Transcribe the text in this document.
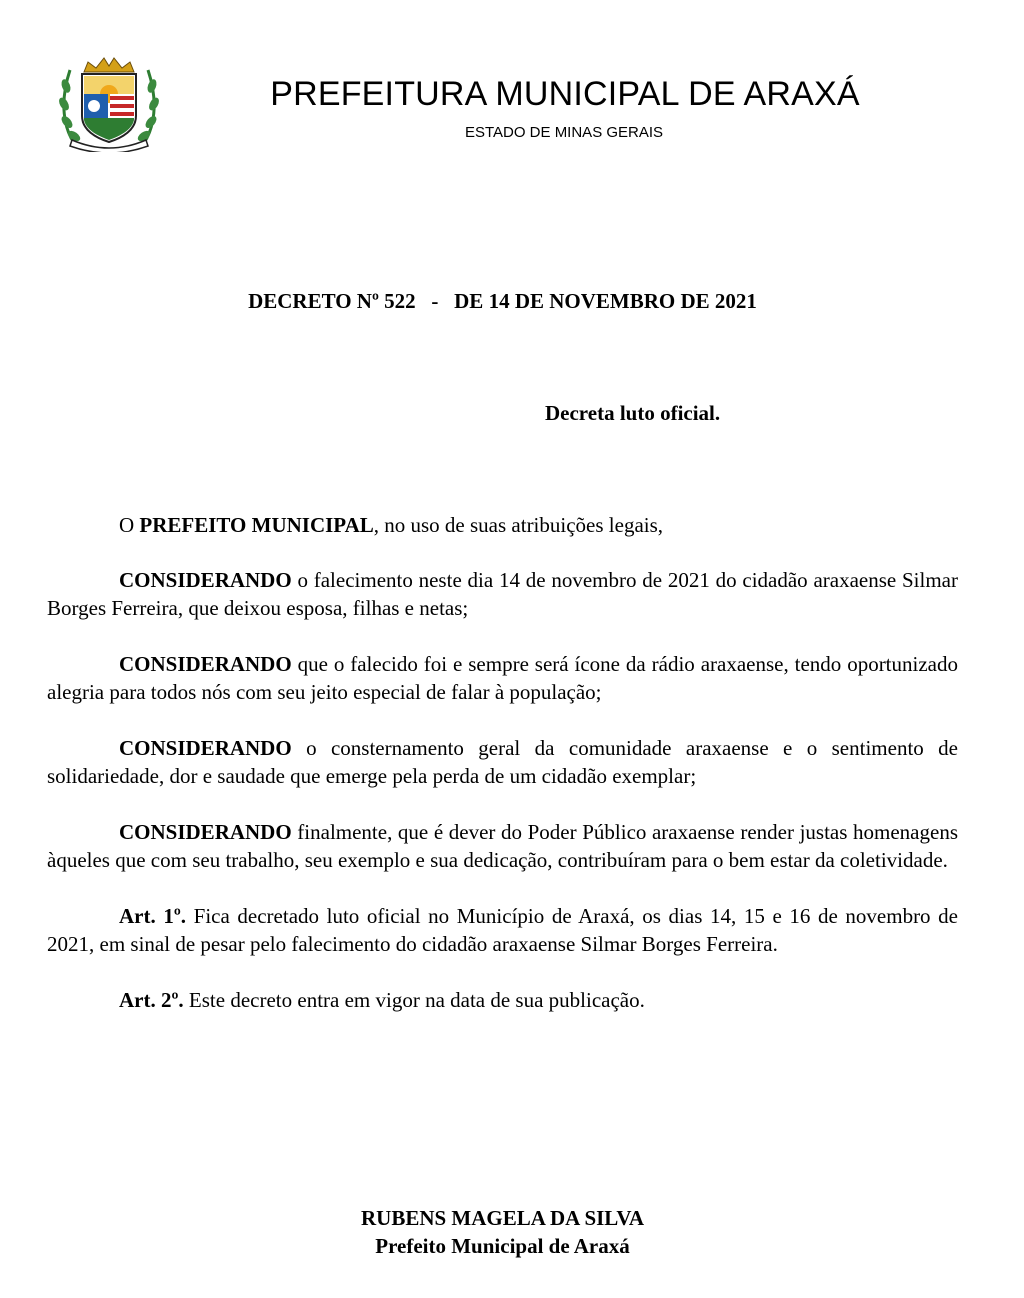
PREFEITURA MUNICIPAL DE ARAXÁ
ESTADO DE MINAS GERAIS
DECRETO Nº 522   -   DE 14 DE NOVEMBRO DE 2021
Decreta luto oficial.

O PREFEITO MUNICIPAL, no uso de suas atribuições legais,

CONSIDERANDO o falecimento neste dia 14 de novembro de 2021 do cidadão araxaense Silmar Borges Ferreira, que deixou esposa, filhas e netas;

CONSIDERANDO que o falecido foi e sempre será ícone da rádio araxaense, tendo oportunizado alegria para todos nós com seu jeito especial de falar à população;

CONSIDERANDO o consternamento geral da comunidade araxaense e o sentimento de solidariedade, dor e saudade que emerge pela perda de um cidadão exemplar;

CONSIDERANDO finalmente, que é dever do Poder Público araxaense render justas homenagens àqueles que com seu trabalho, seu exemplo e sua dedicação, contribuíram para o bem estar da coletividade.

Art. 1º. Fica decretado luto oficial no Município de Araxá, os dias 14, 15 e 16 de novembro de 2021, em sinal de pesar pelo falecimento do cidadão araxaense Silmar Borges Ferreira.

Art. 2º. Este decreto entra em vigor na data de sua publicação.

RUBENS MAGELA DA SILVA
Prefeito Municipal de Araxá
